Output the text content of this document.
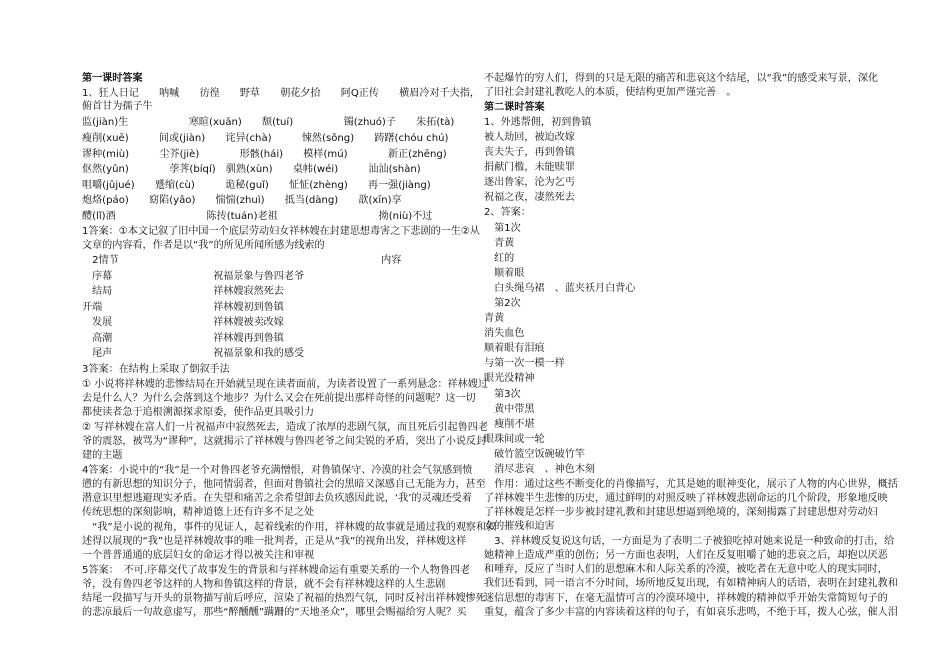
第一课时答案
1、狂人日记　　呐喊　　彷徨　　野草　　朝花夕拾　　阿Q正传　　横眉冷对千夫指，
俯首甘为孺子牛
监(jiàn)生　　　　　　寒暄(xuān)　　颓(tuí)　　　　　镯(zhuó)子　　朱拓(tà)
瘦削(xuē)　　　间或(jiàn)　　诧异(chà)　　　悚然(sǒng)　　踌躇(chóu chú)
谬种(miù)　　　尘芥(jiè)　　　　形骸(hái)　　模样(mú)　　　　新正(zhēng)
伛然(yǔn)　　　　荸荠(bíqí)　驯熟(xùn)　　桌帏(wéi)　　　汕汕(shàn)
咀嚼(jǔjué)　　蹙缩(cù)　　　诡秘(guǐ)　　怔怔(zhèng)　　再一强(jiàng)
炮烙(páo)　　窈陷(yǎo)　　惴惴(zhuì)　　抵当(dàng)　　歆(xīn)享
醴(lǐ)酒　　　　　　　　　陈抟(tuán)老祖　　　　　　　　　　拗(niù)不过
1答案：①本文记叙了旧中国一个底层劳动妇女祥林嫂在封建思想毒害之下悲剧的一生②从
文章的内容看，作者是以“我”的所见所闻所感为线索的
　2情节　　　　　　　　　　　　　　　　　　　　　　　　　　内容
　序幕　　　　　　　　　　祝福景象与鲁四老爷
　结局　　　　　　　　　　祥林嫂寂然死去
开端　　　　　　　　　　　祥林嫂初到鲁镇
　发展　　　　　　　　　　祥林嫂被卖改嫁
　高潮　　　　　　　　　　祥林嫂再到鲁镇
　尾声　　　　　　　　　　祝福景象和我的感受
3答案：在结构上采取了倒叙手法
① 小说将祥林嫂的悲惨结局在开始就呈现在读者面前，为读者设置了一系列悬念：祥林嫂过
去是什么人？为什么会落到这个地步？为什么又会在死前提出那样奇怪的问题呢？这一切
都使读者急于追根溯源探求原委，使作品更具吸引力
② 写祥林嫂在富人们一片祝福声中寂然死去，造成了浓厚的悲剧气氛，而且死后引起鲁四老
爷的震怒，被骂为“谬种”，这就揭示了祥林嫂与鲁四老爷之间尖锐的矛盾，突出了小说反封
建的主题
4答案：小说中的“我”是一个对鲁四老爷充满憎恨，对鲁镇保守、冷漠的社会气氛感到愤
懑的有新思想的知识分子，他同情弱者，但面对鲁镇社会的黑暗又深感自己无能为力，甚至
潜意识里想逃避现实矛盾。在失望和痛苦之余希望卸去负疚感因此说，‘我’的灵魂还受着
传统思想的深刻影响，精神道德上还有许多不足之处
　“我”是小说的视角，事件的见证人，起着线索的作用，祥林嫂的故事就是通过我的观察和叙
述得以展现的“我”也是祥林嫂故事的唯一批判者，正是从“我”的视角出发，祥林嫂这样
一个普普通通的底层妇女的命运才得以被关注和审视
5答案：　不可.序幕交代了故事发生的背景和与祥林嫂命运有重要关系的一个人物鲁四老
爷，没有鲁四老爷这样的人物和鲁镇这样的背景，就不会有祥林嫂这样的人生悲剧
结尾一段描写与开头的景物描写前后呼应，渲染了祝福的热烈气氛，同时反衬出祥林嫂惨死
的悲凉最后一句故意虚写，那些“醉醺醺”蹒跚的“天地圣众”，哪里会赐福给穷人呢？买
不起爆竹的穷人们，得到的只是无限的痛苦和悲哀这个结尾，以“我”的感受来写景，深化
了旧社会封建礼教吃人的本质，使结构更加严谨完善　。
第二课时答案
1、外逃帮佣，初到鲁镇
被人劫回，被迫改嫁
丧夫失子，再到鲁镇
捐献门槛，未能赎罪
逐出鲁家，沦为乞丐
祝福之夜，凄然死去
2、答案：
　第1次
　青黄
　红的
　顺着眼
　白头绳乌裙　、蓝夹袄月白背心
　第2次
青黄
消失血色
顺着眼有泪痕
与第一次一模一样
眼光没精神
　第3次
　黄中带黑
　瘦削不堪
眼珠间或一轮
　破竹篮空饭碗破竹竿
　消尽悲哀　、神色木刻
　作用：通过这些不断变化的肖像描写，尤其是她的眼神变化，展示了人物的内心世界，概括
了祥林嫂半生悲惨的历史，通过鲜明的对照反映了祥林嫂悲剧命运的几个阶段，形象地反映
了祥林嫂是怎样一步步被封建礼教和封建思想逼到绝境的，深刻揭露了封建思想对劳动妇
女的摧残和迫害
　3、祥林嫂反复说这句话，一方面是为了表明二子被狼吃掉对她来说是一种致命的打击，给
她精神上造成严重的创伤；另一方面也表明，人们在反复咀嚼了她的悲哀之后，却抱以厌恶
和唾弃，反应了当时人们的思想麻木和人际关系的冷漠，被吃者在无意中吃人的现实同时，
我们还看到，同一语言不分时间，场所地反复出现，有如精神病人的话语，表明在封建礼教和
迷信思想的毒害下，在毫无温情可言的冷漠环境中，祥林嫂的精神似乎开始失常简短句子的
重复，蕴含了多少丰富的内容读着这样的句子，有如哀乐悲鸣，不绝于耳，拨人心弦，催人泪
